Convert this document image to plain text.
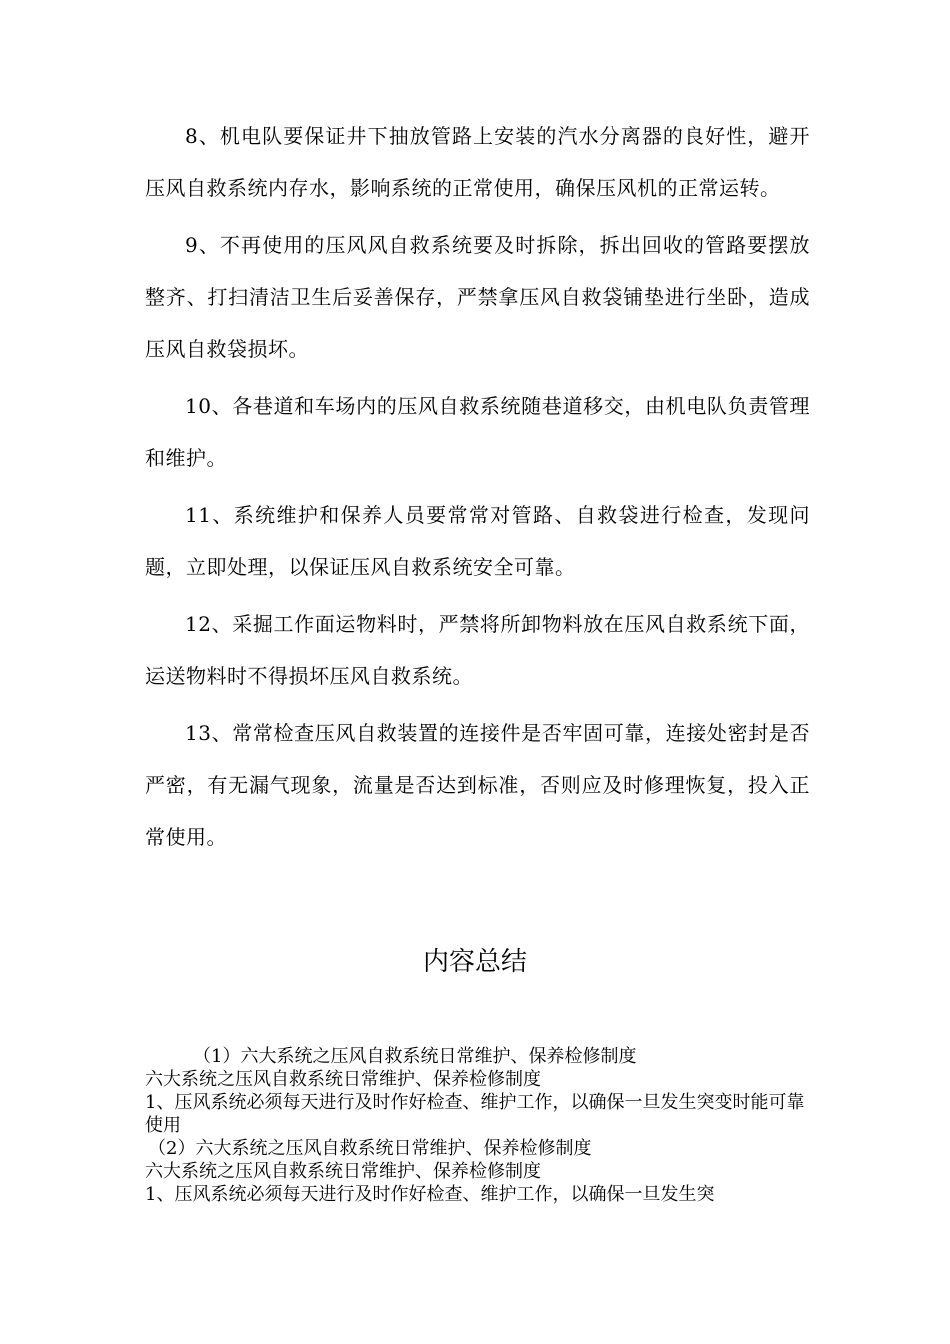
8、机电队要保证井下抽放管路上安装的汽水分离器的良好性，避开压风自救系统内存水，影响系统的正常使用，确保压风机的正常运转。

9、不再使用的压风风自救系统要及时拆除，拆出回收的管路要摆放整齐、打扫清洁卫生后妥善保存，严禁拿压风自救袋铺垫进行坐卧，造成压风自救袋损坏。

10、各巷道和车场内的压风自救系统随巷道移交，由机电队负责管理和维护。

11、系统维护和保养人员要常常对管路、自救袋进行检查，发现问题，立即处理，以保证压风自救系统安全可靠。

12、采掘工作面运物料时，严禁将所卸物料放在压风自救系统下面，运送物料时不得损坏压风自救系统。

13、常常检查压风自救装置的连接件是否牢固可靠，连接处密封是否严密，有无漏气现象，流量是否达到标准，否则应及时修理恢复，投入正常使用。

内容总结
（1）六大系统之压风自救系统日常维护、保养检修制度
六大系统之压风自救系统日常维护、保养检修制度
1、压风系统必须每天进行及时作好检查、维护工作，以确保一旦发生突变时能可靠使用
（2）六大系统之压风自救系统日常维护、保养检修制度
六大系统之压风自救系统日常维护、保养检修制度
1、压风系统必须每天进行及时作好检查、维护工作，以确保一旦发生突
